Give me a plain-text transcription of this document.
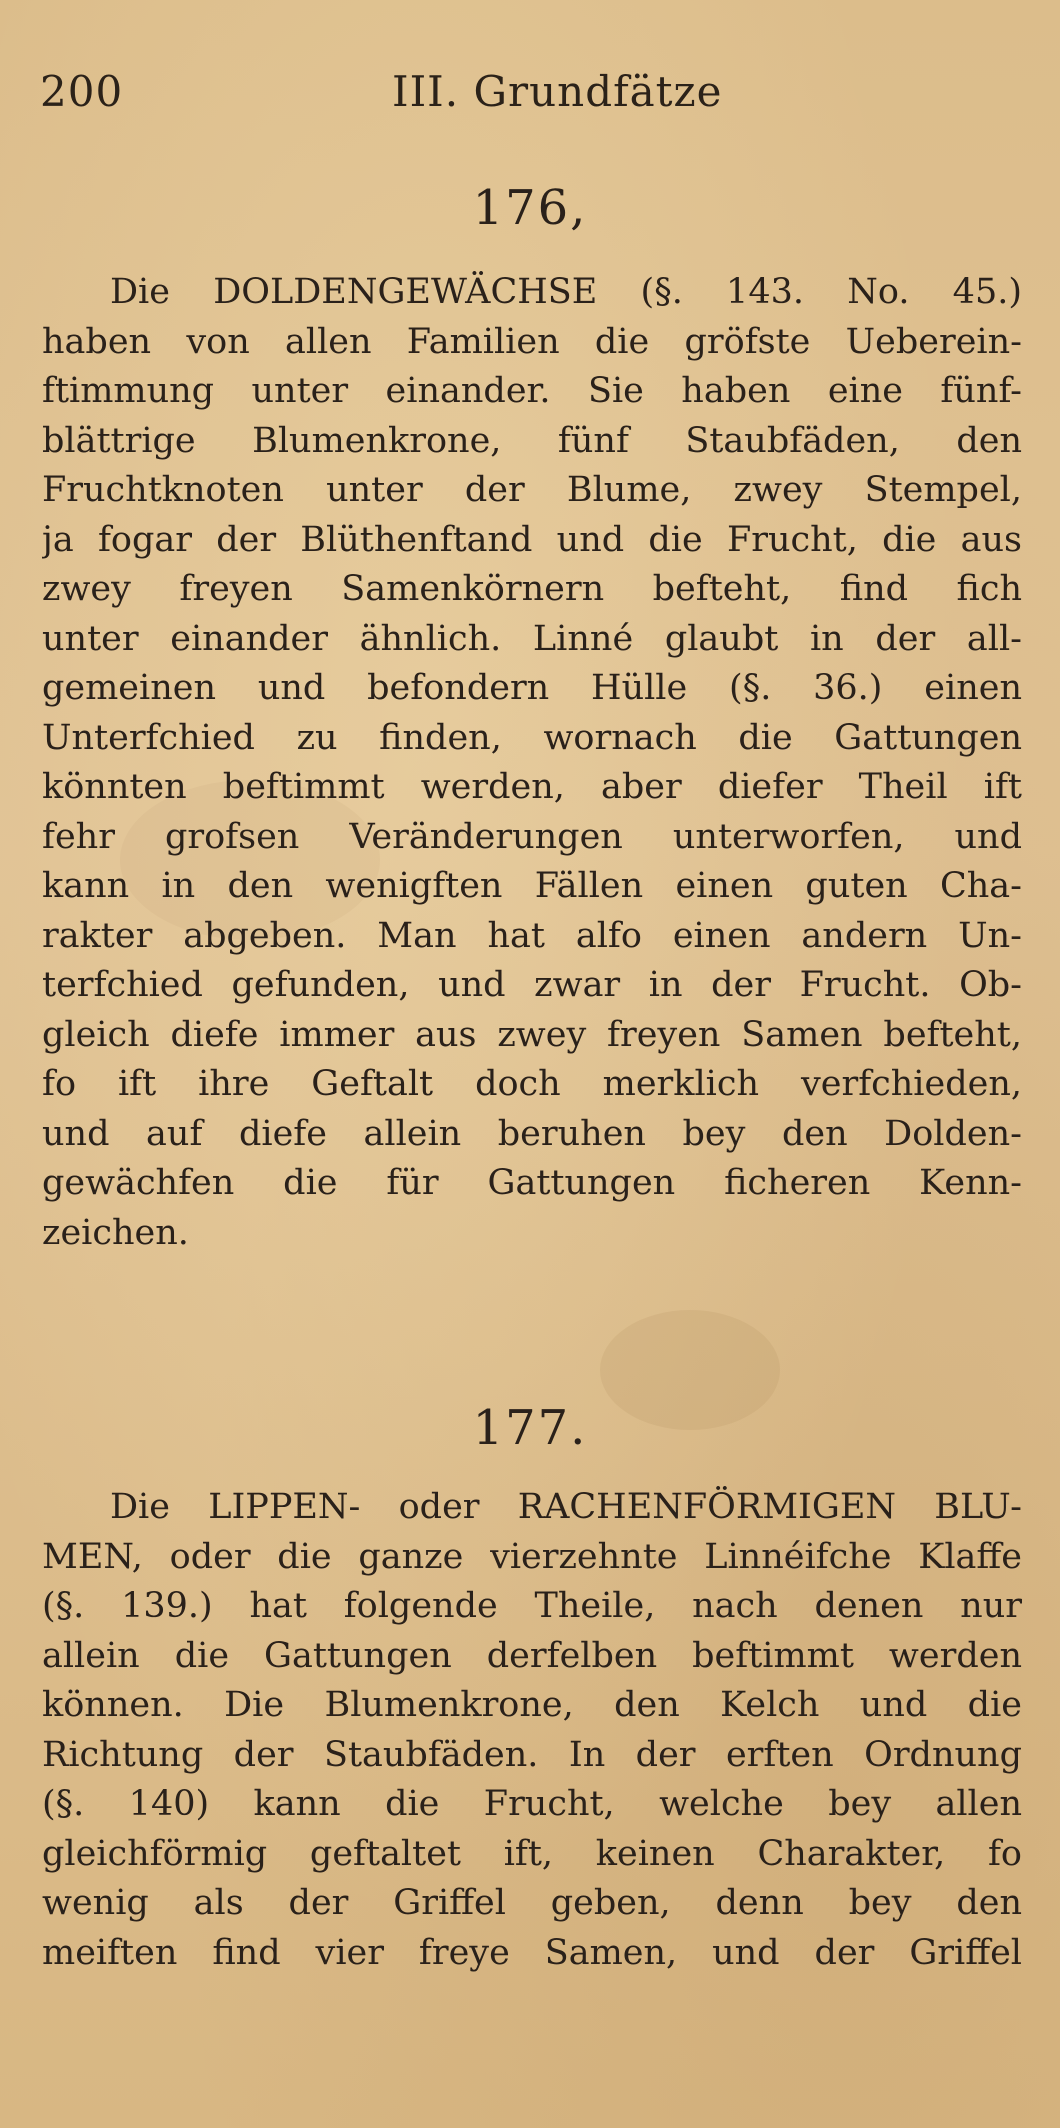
200	III. Grundfätze
176,
Die DOLDENGEWÄCHSE (§. 143. No. 45.)
haben von allen Familien die gröfste Ueberein-
ftimmung unter einander. Sie haben eine fünf-
blättrige Blumenkrone, fünf Staubfäden, den
Fruchtknoten unter der Blume, zwey Stempel,
ja fogar der Blüthenftand und die Frucht, die aus
zwey freyen Samenkörnern befteht, find fich
unter einander ähnlich. Linné glaubt in der all-
gemeinen und befondern Hülle (§. 36.) einen
Unterfchied zu finden, wornach die Gattungen
könnten beftimmt werden, aber diefer Theil ift
fehr grofsen Veränderungen unterworfen, und
kann in den wenigften Fällen einen guten Cha-
rakter abgeben. Man hat alfo einen andern Un-
terfchied gefunden, und zwar in der Frucht. Ob-
gleich diefe immer aus zwey freyen Samen befteht,
fo ift ihre Geftalt doch merklich verfchieden,
und auf diefe allein beruhen bey den Dolden-
gewächfen die für Gattungen ficheren Kenn-
zeichen.
177.
Die LIPPEN- oder RACHENFÖRMIGEN BLU-
MEN, oder die ganze vierzehnte Linnéifche Klaffe
(§. 139.) hat folgende Theile, nach denen nur
allein die Gattungen derfelben beftimmt werden
können. Die Blumenkrone, den Kelch und die
Richtung der Staubfäden. In der erften Ordnung
(§. 140) kann die Frucht, welche bey allen
gleichförmig geftaltet ift, keinen Charakter, fo
wenig als der Griffel geben, denn bey den
meiften find vier freye Samen, und der Griffel
